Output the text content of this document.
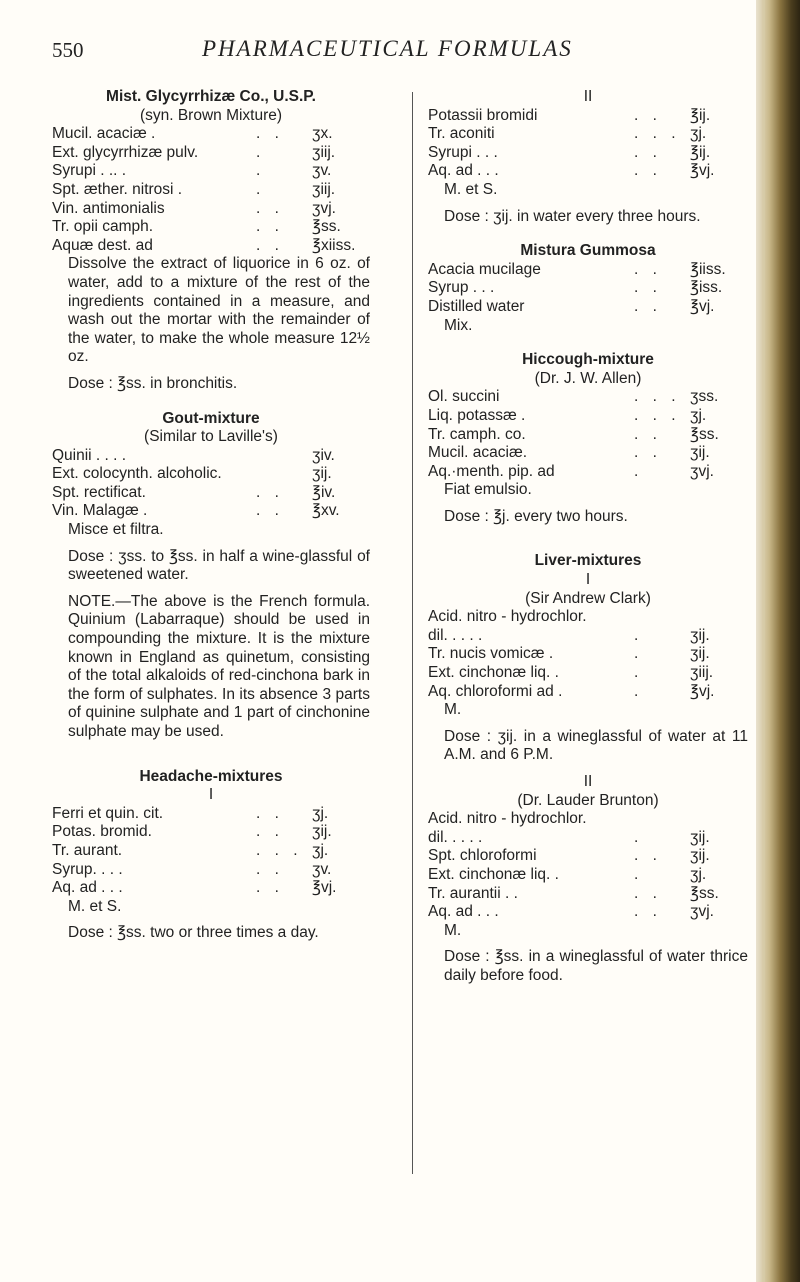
550	PHARMACEUTICAL FORMULAS

Mist. Glycyrrhizæ Co., U.S.P.

(syn. Brown Mixture)
Mucil. acaciæ .	. .	ʒx.
Ext. glycyrrhizæ pulv.	.	ʒiij.
Syrupi . .. .	.	ʒv.
Spt. æther. nitrosi .	.	ʒiij.
Vin. antimonialis	. .	ʒvj.
Tr. opii camph.	. .	℥ss.
Aquæ dest. ad	. .	℥xiiss.
Dissolve the extract of liquorice in 6 oz. of water, add to a mixture of the rest of the ingredients contained in a measure, and wash out the mortar with the remainder of the water, to make the whole measure 12½ oz.
Dose : ℥ss. in bronchitis.

Gout-mixture

(Similar to Laville's)
Quinii . . . .	ʒiv.
Ext. colocynth. alcoholic.	ʒij.
Spt. rectificat.	. .	℥iv.
Vin. Malagæ .	. .	℥xv.
Misce et filtra.
Dose : ʒss. to ℥ss. in half a wine-glassful of sweetened water.
NOTE.—The above is the French formula. Quinium (Labarraque) should be used in compounding the mixture. It is the mixture known in England as quinetum, consisting of the total alkaloids of red-cinchona bark in the form of sulphates. In its absence 3 parts of quinine sulphate and 1 part of cinchonine sulphate may be used.

Headache-mixtures

I
Ferri et quin. cit.	. .	ʒj.
Potas. bromid.	. .	ʒij.
Tr. aurant.	. . . ʒj.
Syrup. . . .	. .	ʒv.
Aq. ad . . .	. .	℥vj.
M. et S.
Dose : ℥ss. two or three times a day.
II
Potassii bromidi	. .	℥ij.
Tr. aconiti	. . . ʒj.
Syrupi . . .	. .	℥ij.
Aq. ad . . .	. .	℥vj.
M. et S.
Dose : ʒij. in water every three hours.

Mistura Gummosa

Acacia mucilage	. .	℥iiss.
Syrup . . .	. .	℥iss.
Distilled water	. .	℥vj.
Mix.

Hiccough-mixture

(Dr. J. W. Allen)
Ol. succini	. . . ʒss.
Liq. potassæ .	. . . ʒj.
Tr. camph. co.	. .	℥ss.
Mucil. acaciæ.	. .	ʒij.
Aq.·menth. pip. ad	.	ʒvj.
Fiat emulsio.
Dose : ℥j. every two hours.

Liver-mixtures

I
(Sir Andrew Clark)
Acid. nitro - hydrochlor.
dil. . . . .	.	ʒij.
Tr. nucis vomicæ .	.	ʒij.
Ext. cinchonæ liq. .	.	ʒiij.
Aq. chloroformi ad .	.	℥vj.
M.
Dose : ʒij. in a wineglassful of water at 11 A.M. and 6 P.M.
II
(Dr. Lauder Brunton)
Acid. nitro - hydrochlor.
dil. . . . .	.	ʒij.
Spt. chloroformi	. .	ʒij.
Ext. cinchonæ liq. .	.	ʒj.
Tr. aurantii . .	. .	℥ss.
Aq. ad . . .	. .	ʒvj.
M.
Dose : ℥ss. in a wineglassful of water thrice daily before food.
